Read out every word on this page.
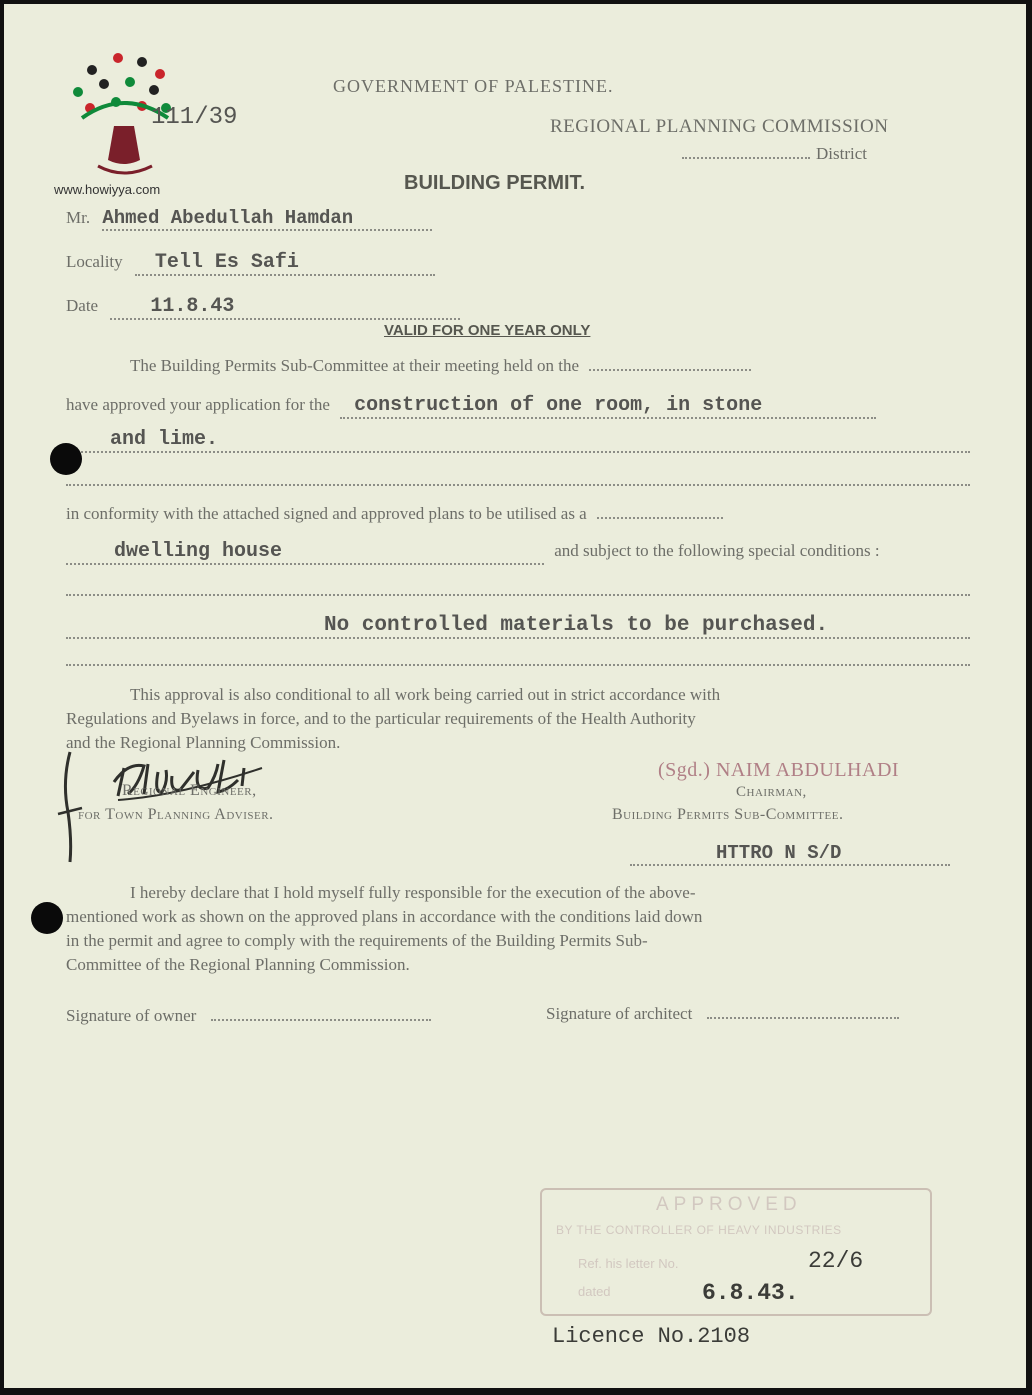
www.howiyya.com
GOVERNMENT OF PALESTINE.
111/39	REGIONAL PLANNING COMMISSION
District
BUILDING PERMIT.
Mr. Ahmed Abedullah Hamdan
Locality Tell Es Safi
Date	11.8.43
VALID FOR ONE YEAR ONLY
The Building Permits Sub-Committee at their meeting held on the
have approved your application for the construction of one room, in stone
and lime.
in conformity with the attached signed and approved plans to be utilised as a
dwelling house	and subject to the following special conditions :
No controlled materials to be purchased.
This approval is also conditional to all work being carried out in strict accordance with
Regulations and Byelaws in force, and to the particular requirements of the Health Authority
and the Regional Planning Commission.
Regional Engineer,
for Town Planning Adviser.
(Sgd.) NAIM ABDULHADI
Chairman,
Building Permits Sub-Committee.
HTTRO N S/D
I hereby declare that I hold myself fully responsible for the execution of the above-
mentioned work as shown on the approved plans in accordance with the conditions laid down
in the permit and agree to comply with the requirements of the Building Permits Sub-
Committee of the Regional Planning Commission.
Signature of owner	Signature of architect
APPROVED
BY THE CONTROLLER OF HEAVY INDUSTRIES
Ref. his letter No.	22/6
dated	6.8.43.
Licence No.2108
